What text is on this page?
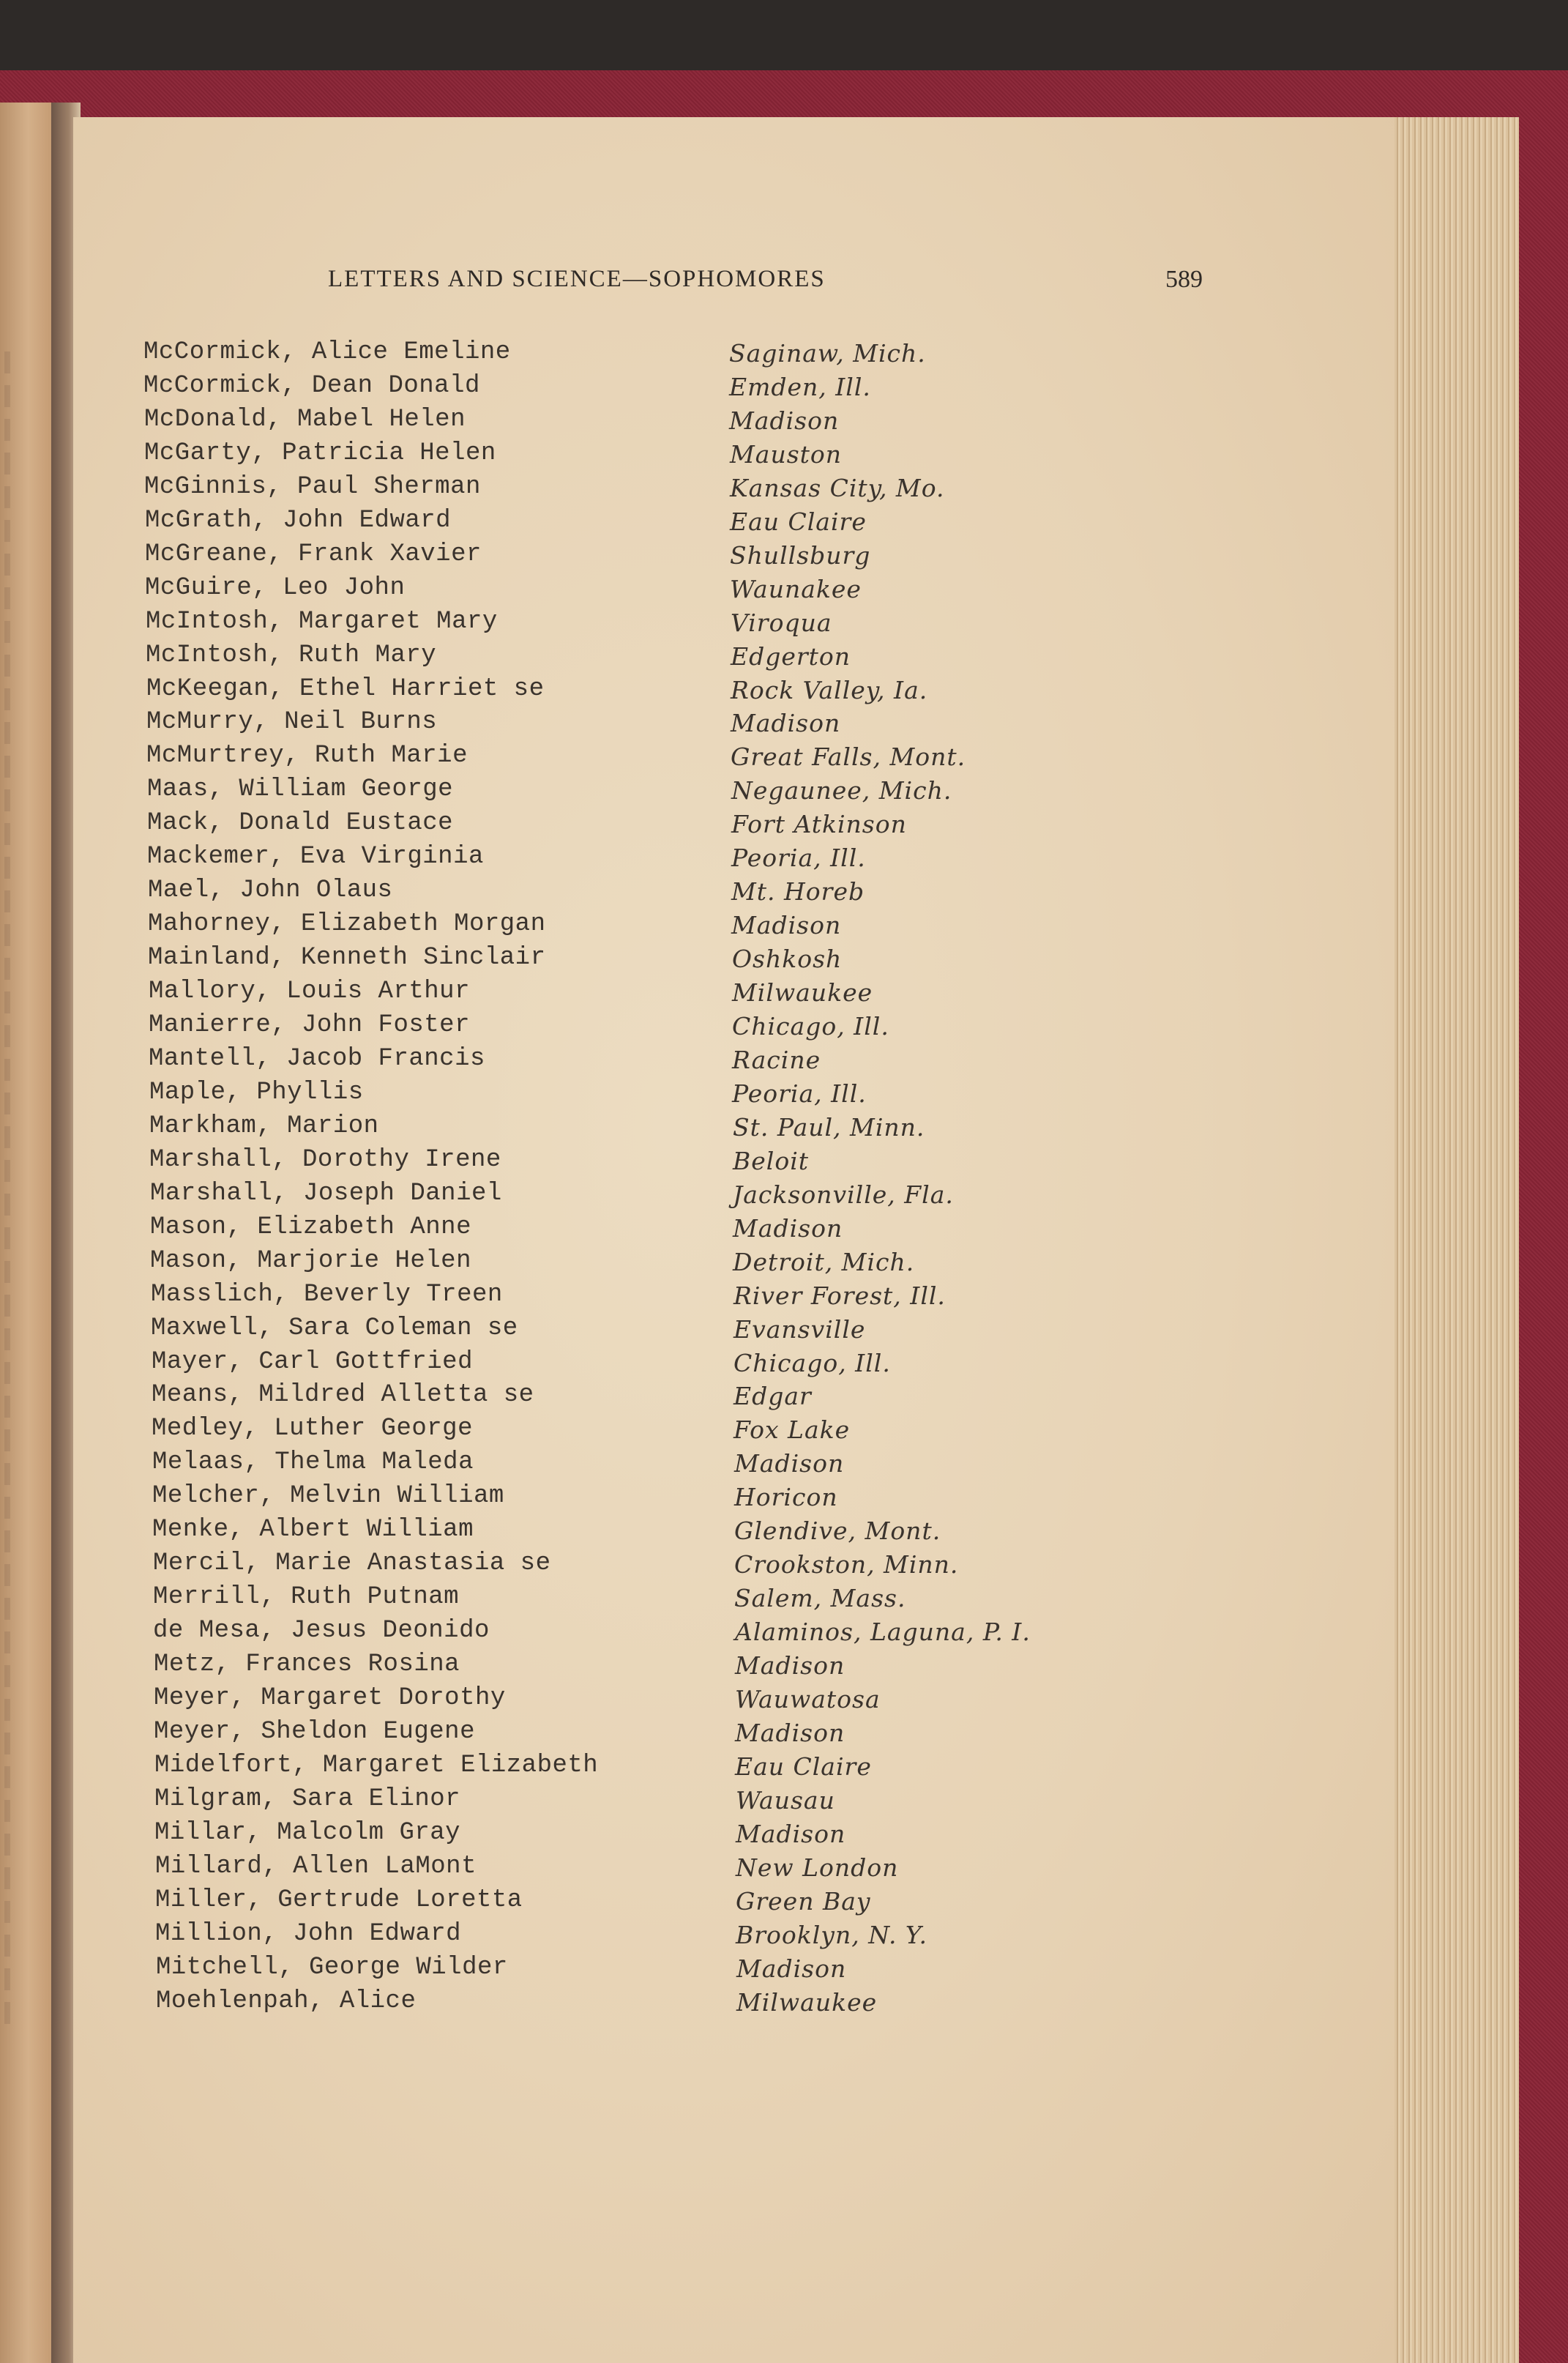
LETTERS AND SCIENCE—SOPHOMORES	589
McCormick, Alice Emeline	Saginaw, Mich.
McCormick, Dean Donald	Emden, Ill.
McDonald, Mabel Helen	Madison
McGarty, Patricia Helen	Mauston
McGinnis, Paul Sherman	Kansas City, Mo.
McGrath, John Edward	Eau Claire
McGreane, Frank Xavier	Shullsburg
McGuire, Leo John	Waunakee
McIntosh, Margaret Mary	Viroqua
McIntosh, Ruth Mary	Edgerton
McKeegan, Ethel Harriet se	Rock Valley, Ia.
McMurry, Neil Burns	Madison
McMurtrey, Ruth Marie	Great Falls, Mont.
Maas, William George	Negaunee, Mich.
Mack, Donald Eustace	Fort Atkinson
Mackemer, Eva Virginia	Peoria, Ill.
Mael, John Olaus	Mt. Horeb
Mahorney, Elizabeth Morgan	Madison
Mainland, Kenneth Sinclair	Oshkosh
Mallory, Louis Arthur	Milwaukee
Manierre, John Foster	Chicago, Ill.
Mantell, Jacob Francis	Racine
Maple, Phyllis	Peoria, Ill.
Markham, Marion	St. Paul, Minn.
Marshall, Dorothy Irene	Beloit
Marshall, Joseph Daniel	Jacksonville, Fla.
Mason, Elizabeth Anne	Madison
Mason, Marjorie Helen	Detroit, Mich.
Masslich, Beverly Treen	River Forest, Ill.
Maxwell, Sara Coleman se	Evansville
Mayer, Carl Gottfried	Chicago, Ill.
Means, Mildred Alletta se	Edgar
Medley, Luther George	Fox Lake
Melaas, Thelma Maleda	Madison
Melcher, Melvin William	Horicon
Menke, Albert William	Glendive, Mont.
Mercil, Marie Anastasia se	Crookston, Minn.
Merrill, Ruth Putnam	Salem, Mass.
de Mesa, Jesus Deonido	Alaminos, Laguna, P. I.
Metz, Frances Rosina	Madison
Meyer, Margaret Dorothy	Wauwatosa
Meyer, Sheldon Eugene	Madison
Midelfort, Margaret Elizabeth	Eau Claire
Milgram, Sara Elinor	Wausau
Millar, Malcolm Gray	Madison
Millard, Allen LaMont	New London
Miller, Gertrude Loretta	Green Bay
Million, John Edward	Brooklyn, N. Y.
Mitchell, George Wilder	Madison
Moehlenpah, Alice	Milwaukee
